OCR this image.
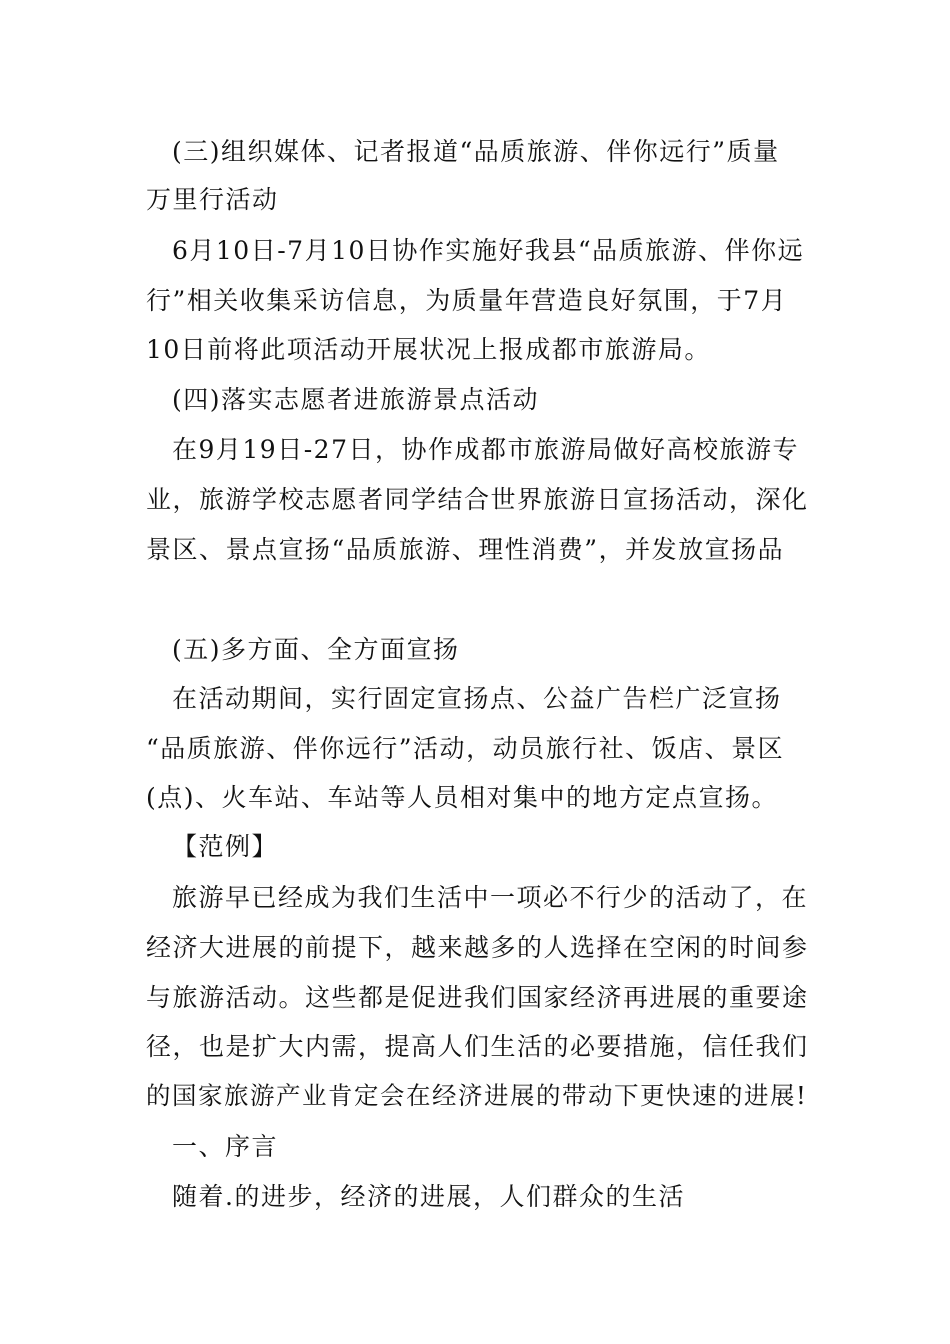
(三)组织媒体、记者报道“品质旅游、伴你远行”质量
万里行活动
6月10日-7月10日协作实施好我县“品质旅游、伴你远
行”相关收集采访信息，为质量年营造良好氛围，于7月
10日前将此项活动开展状况上报成都市旅游局。
(四)落实志愿者进旅游景点活动
在9月19日-27日，协作成都市旅游局做好高校旅游专
业，旅游学校志愿者同学结合世界旅游日宣扬活动，深化
景区、景点宣扬“品质旅游、理性消费”，并发放宣扬品
(五)多方面、全方面宣扬
在活动期间，实行固定宣扬点、公益广告栏广泛宣扬
“品质旅游、伴你远行”活动，动员旅行社、饭店、景区
(点)、火车站、车站等人员相对集中的地方定点宣扬。
【范例】
旅游早已经成为我们生活中一项必不行少的活动了，在
经济大进展的前提下，越来越多的人选择在空闲的时间参
与旅游活动。这些都是促进我们国家经济再进展的重要途
径，也是扩大内需，提高人们生活的必要措施，信任我们
的国家旅游产业肯定会在经济进展的带动下更快速的进展!
一、序言
随着.的进步，经济的进展，人们群众的生活
